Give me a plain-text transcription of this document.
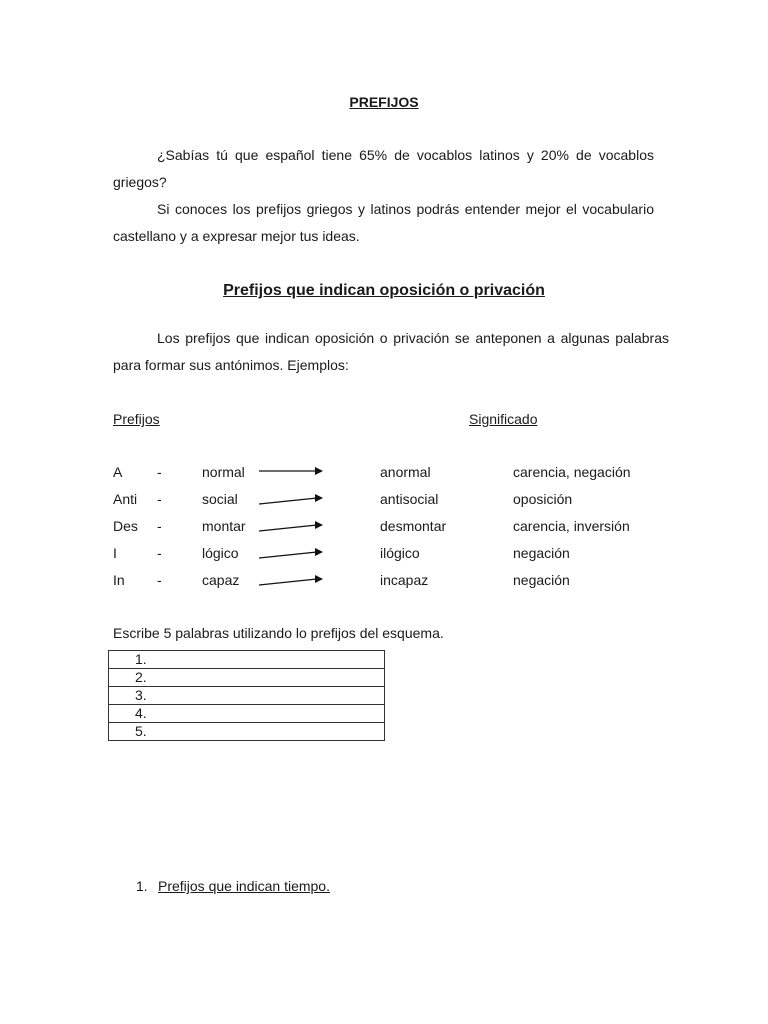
PREFIJOS

¿Sabías tú que español tiene 65% de vocablos latinos y 20% de vocablos griegos?

Si conoces los prefijos griegos y latinos podrás entender mejor el vocabulario castellano y a expresar mejor tus ideas.

Prefijos que indican oposición o privación

Los prefijos que indican oposición o privación se anteponen a algunas palabras para formar sus antónimos. Ejemplos:

Prefijos	Significado
A -	normal	anormal	carencia, negación
Anti -	social	antisocial	oposición
Des -	montar	desmontar	carencia, inversión
I	-	lógico	ilógico	negación
In -	capaz	incapaz	negación
Escribe 5 palabras utilizando lo prefijos del esquema.
1.
2.
3.
4.
5.
1. Prefijos que indican tiempo.
